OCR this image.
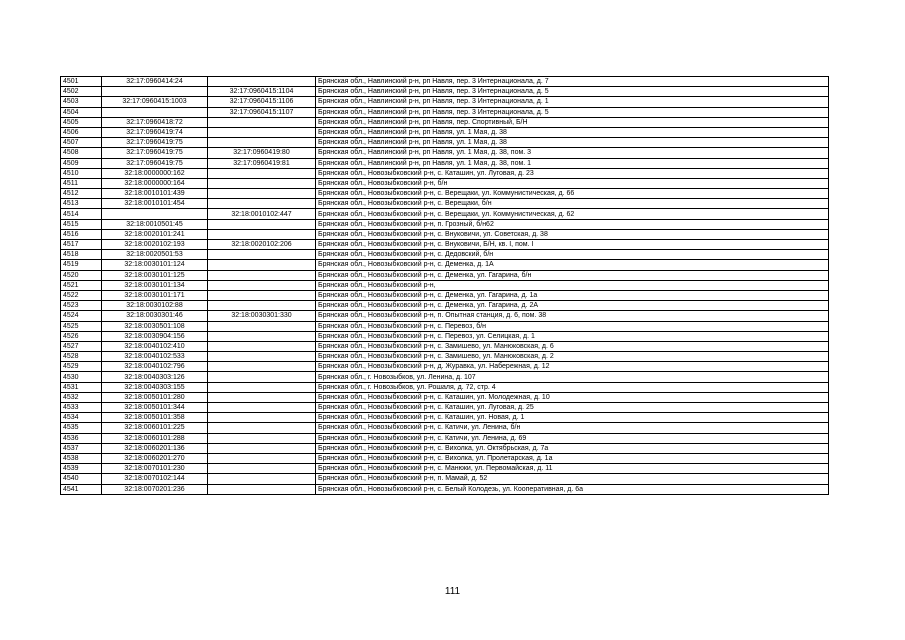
4501	32:17:0960414:24		Брянская обл., Навлинский р-н, рп Навля, пер. 3 Интернационала, д. 7
4502		32:17:0960415:1104	Брянская обл., Навлинский р-н, рп Навля, пер. 3 Интернационала, д. 5
4503	32:17:0960415:1003	32:17:0960415:1106	Брянская обл., Навлинский р-н, рп Навля, пер. 3 Интернационала, д. 1
4504		32:17:0960415:1107	Брянская обл., Навлинский р-н, рп Навля, пер. 3 Интернационала, д. 5
4505	32:17:0960418:72		Брянская обл., Навлинский р-н, рп Навля, пер. Спортивный, Б/Н
4506	32:17:0960419:74		Брянская обл., Навлинский р-н, рп Навля, ул. 1 Мая, д. 38
4507	32:17:0960419:75		Брянская обл., Навлинский р-н, рп Навля, ул. 1 Мая, д. 38
4508	32:17:0960419:75	32:17:0960419:80	Брянская обл., Навлинский р-н, рп Навля, ул. 1 Мая, д. 38, пом. 3
4509	32:17:0960419:75	32:17:0960419:81	Брянская обл., Навлинский р-н, рп Навля, ул. 1 Мая, д. 38, пом. 1
4510	32:18:0000000:162		Брянская обл., Новозыбковский р-н, с. Каташин, ул. Луговая, д. 23
4511	32:18:0000000:164		Брянская обл., Новозыбковский р-н, б/н
4512	32:18:0010101:439		Брянская обл., Новозыбковский р-н, с. Верещаки, ул. Коммунистическая, д. 66
4513	32:18:0010101:454		Брянская обл., Новозыбковский р-н, с. Верещаки, б/н
4514		32:18:0010102:447	Брянская обл., Новозыбковский р-н, с. Верещаки, ул. Коммунистическая, д. 62
4515	32:18:0010501:45		Брянская обл., Новозыбковский р-н, п. Грозный, б/н62
4516	32:18:0020101:241		Брянская обл., Новозыбковский р-н, с. Внуковичи, ул. Советская, д. 38
4517	32:18:0020102:193	32:18:0020102:206	Брянская обл., Новозыбковский р-н, с. Внуковичи, Б/Н, кв. I, пом. I
4518	32:18:0020501:53		Брянская обл., Новозыбковский р-н, с. Дедовский, б/н
4519	32:18:0030101:124		Брянская обл., Новозыбковский р-н, с. Деменка, д. 1А
4520	32:18:0030101:125		Брянская обл., Новозыбковский р-н, с. Деменка, ул. Гагарина, б/н
4521	32:18:0030101:134		Брянская обл., Новозыбковский р-н,
4522	32:18:0030101:171		Брянская обл., Новозыбковский р-н, с. Деменка, ул. Гагарина, д. 1а
4523	32:18:0030102:88		Брянская обл., Новозыбковский р-н, с. Деменка, ул. Гагарина, д. 2А
4524	32:18:0030301:46	32:18:0030301:330	Брянская обл., Новозыбковский р-н, п. Опытная станция, д. 6, пом. 38
4525	32:18:0030501:108		Брянская обл., Новозыбковский р-н, с. Перевоз, б/н
4526	32:18:0030904:156		Брянская обл., Новозыбковский р-н, с. Перевоз, ул. Селицкая, д. 1
4527	32:18:0040102:410		Брянская обл., Новозыбковский р-н, с. Замишево, ул. Манюковская, д. 6
4528	32:18:0040102:533		Брянская обл., Новозыбковский р-н, с. Замишево, ул. Манюковская, д. 2
4529	32:18:0040102:796		Брянская обл., Новозыбковский р-н, д. Журавка, ул. Набережная, д. 12
4530	32:18:0040303:126		Брянская обл., г. Новозыбков, ул. Ленина, д. 107
4531	32:18:0040303:155		Брянская обл., г. Новозыбков, ул. Рошаля, д. 72, стр. 4
4532	32:18:0050101:280		Брянская обл., Новозыбковский р-н, с. Каташин, ул. Молодежная, д. 10
4533	32:18:0050101:344		Брянская обл., Новозыбковский р-н, с. Каташин, ул. Луговая, д. 25
4534	32:18:0050101:358		Брянская обл., Новозыбковский р-н, с. Каташин, ул. Новая, д. 1
4535	32:18:0060101:225		Брянская обл., Новозыбковский р-н, с. Катичи, ул. Ленина, б/н
4536	32:18:0060101:288		Брянская обл., Новозыбковский р-н, с. Катичи, ул. Ленина, д. 69
4537	32:18:0060201:136		Брянская обл., Новозыбковский р-н, с. Вихолка, ул. Октябрьская, д. 7а
4538	32:18:0060201:270		Брянская обл., Новозыбковский р-н, с. Вихолка, ул. Пролетарская, д. 1а
4539	32:18:0070101:230		Брянская обл., Новозыбковский р-н, с. Манюки, ул. Первомайская, д. 11
4540	32:18:0070102:144		Брянская обл., Новозыбковский р-н, п. Мамай, д. 52
4541	32:18:0070201:236		Брянская обл., Новозыбковский р-н, с. Белый Колодезь, ул. Кооперативная, д. 6а
111
